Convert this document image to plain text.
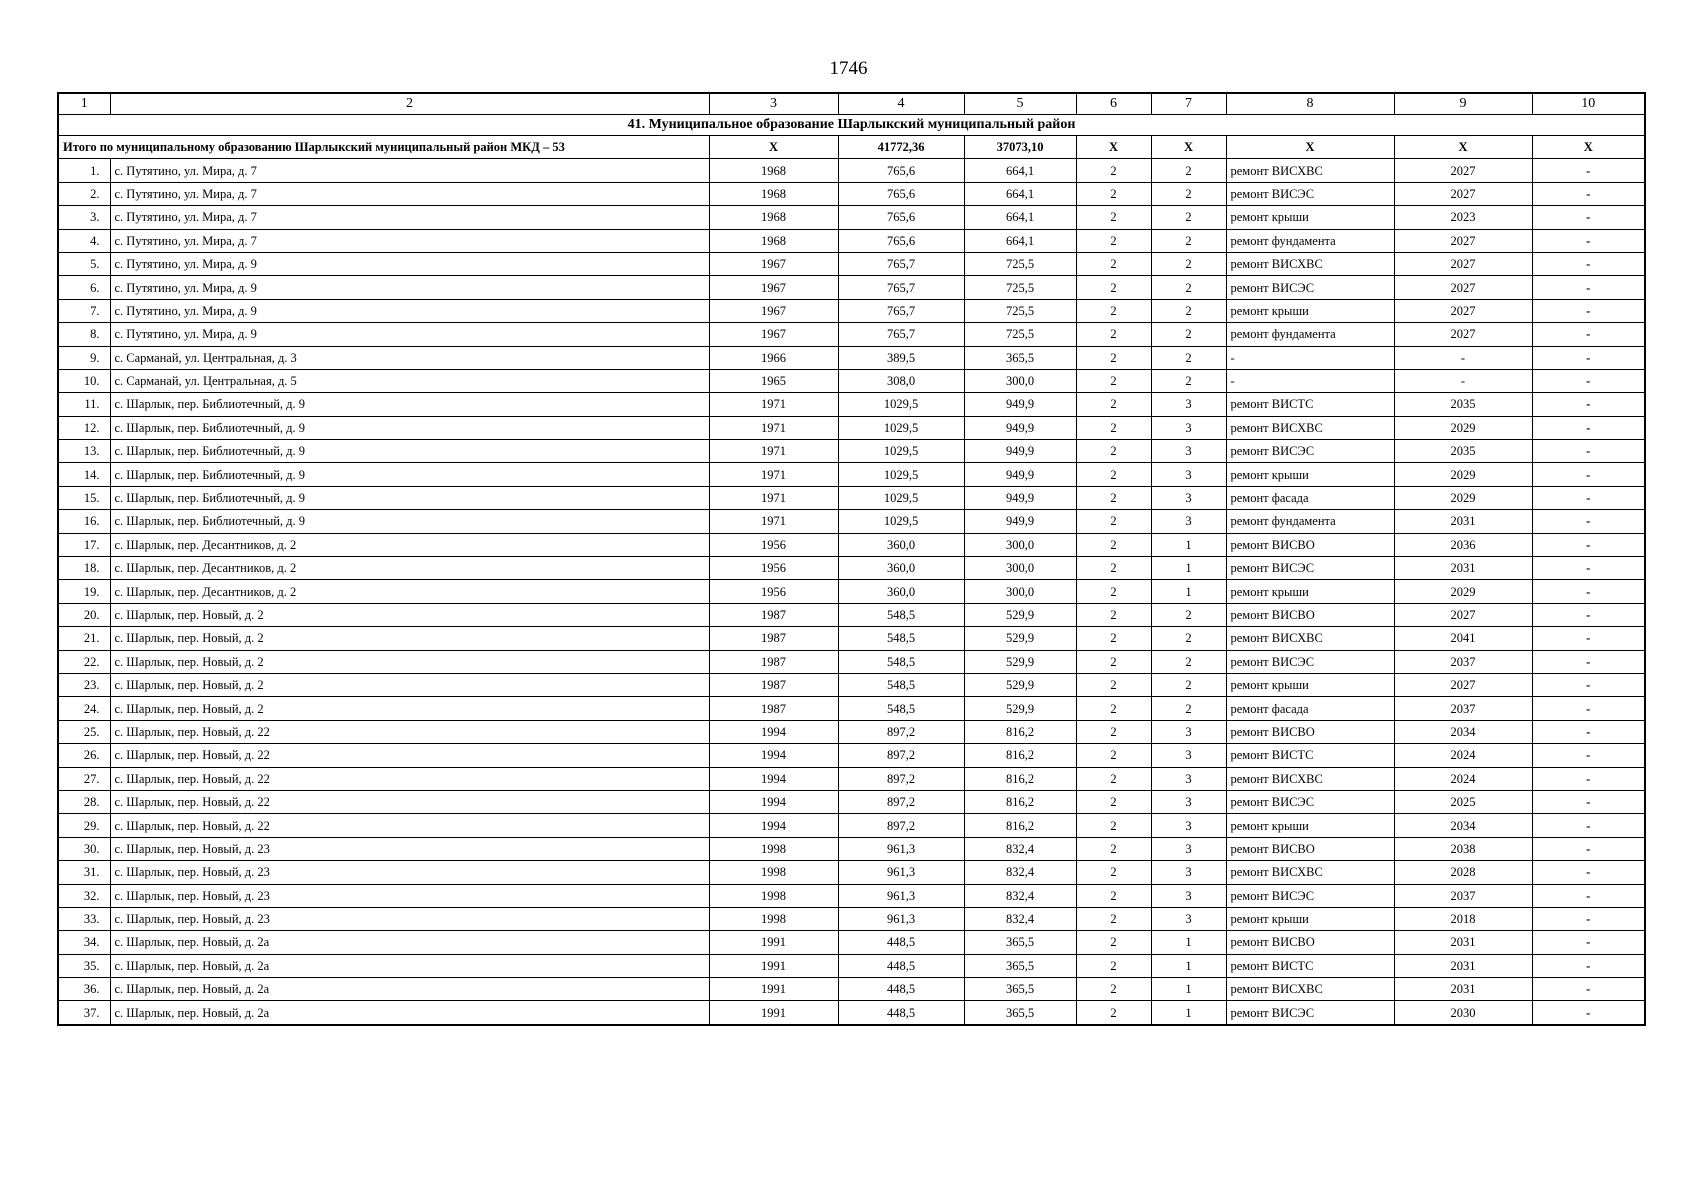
1746
1	2	3	4	5	6	7	8	9	10
41. Муниципальное образование Шарлыкский муниципальный район									
Итого по муниципальному образованию Шарлыкский муниципальный район МКД – 53		Х	41772,36	37073,10	Х	Х	Х	Х	Х
1.	с. Путятино, ул. Мира, д. 7	1968	765,6	664,1	2	2	ремонт ВИСХВС	2027	-
2.	с. Путятино, ул. Мира, д. 7	1968	765,6	664,1	2	2	ремонт ВИСЭС	2027	-
3.	с. Путятино, ул. Мира, д. 7	1968	765,6	664,1	2	2	ремонт крыши	2023	-
4.	с. Путятино, ул. Мира, д. 7	1968	765,6	664,1	2	2	ремонт фундамента	2027	-
5.	с. Путятино, ул. Мира, д. 9	1967	765,7	725,5	2	2	ремонт ВИСХВС	2027	-
6.	с. Путятино, ул. Мира, д. 9	1967	765,7	725,5	2	2	ремонт ВИСЭС	2027	-
7.	с. Путятино, ул. Мира, д. 9	1967	765,7	725,5	2	2	ремонт крыши	2027	-
8.	с. Путятино, ул. Мира, д. 9	1967	765,7	725,5	2	2	ремонт фундамента	2027	-
9.	с. Сарманай, ул. Центральная, д. 3	1966	389,5	365,5	2	2	-	-	-
10.	с. Сарманай, ул. Центральная, д. 5	1965	308,0	300,0	2	2	-	-	-
11.	с. Шарлык, пер. Библиотечный, д. 9	1971	1029,5	949,9	2	3	ремонт ВИСТС	2035	-
12.	с. Шарлык, пер. Библиотечный, д. 9	1971	1029,5	949,9	2	3	ремонт ВИСХВС	2029	-
13.	с. Шарлык, пер. Библиотечный, д. 9	1971	1029,5	949,9	2	3	ремонт ВИСЭС	2035	-
14.	с. Шарлык, пер. Библиотечный, д. 9	1971	1029,5	949,9	2	3	ремонт крыши	2029	-
15.	с. Шарлык, пер. Библиотечный, д. 9	1971	1029,5	949,9	2	3	ремонт фасада	2029	-
16.	с. Шарлык, пер. Библиотечный, д. 9	1971	1029,5	949,9	2	3	ремонт фундамента	2031	-
17.	с. Шарлык, пер. Десантников, д. 2	1956	360,0	300,0	2	1	ремонт ВИСВО	2036	-
18.	с. Шарлык, пер. Десантников, д. 2	1956	360,0	300,0	2	1	ремонт ВИСЭС	2031	-
19.	с. Шарлык, пер. Десантников, д. 2	1956	360,0	300,0	2	1	ремонт крыши	2029	-
20.	с. Шарлык, пер. Новый, д. 2	1987	548,5	529,9	2	2	ремонт ВИСВО	2027	-
21.	с. Шарлык, пер. Новый, д. 2	1987	548,5	529,9	2	2	ремонт ВИСХВС	2041	-
22.	с. Шарлык, пер. Новый, д. 2	1987	548,5	529,9	2	2	ремонт ВИСЭС	2037	-
23.	с. Шарлык, пер. Новый, д. 2	1987	548,5	529,9	2	2	ремонт крыши	2027	-
24.	с. Шарлык, пер. Новый, д. 2	1987	548,5	529,9	2	2	ремонт фасада	2037	-
25.	с. Шарлык, пер. Новый, д. 22	1994	897,2	816,2	2	3	ремонт ВИСВО	2034	-
26.	с. Шарлык, пер. Новый, д. 22	1994	897,2	816,2	2	3	ремонт ВИСТС	2024	-
27.	с. Шарлык, пер. Новый, д. 22	1994	897,2	816,2	2	3	ремонт ВИСХВС	2024	-
28.	с. Шарлык, пер. Новый, д. 22	1994	897,2	816,2	2	3	ремонт ВИСЭС	2025	-
29.	с. Шарлык, пер. Новый, д. 22	1994	897,2	816,2	2	3	ремонт крыши	2034	-
30.	с. Шарлык, пер. Новый, д. 23	1998	961,3	832,4	2	3	ремонт ВИСВО	2038	-
31.	с. Шарлык, пер. Новый, д. 23	1998	961,3	832,4	2	3	ремонт ВИСХВС	2028	-
32.	с. Шарлык, пер. Новый, д. 23	1998	961,3	832,4	2	3	ремонт ВИСЭС	2037	-
33.	с. Шарлык, пер. Новый, д. 23	1998	961,3	832,4	2	3	ремонт крыши	2018	-
34.	с. Шарлык, пер. Новый, д. 2а	1991	448,5	365,5	2	1	ремонт ВИСВО	2031	-
35.	с. Шарлык, пер. Новый, д. 2а	1991	448,5	365,5	2	1	ремонт ВИСТС	2031	-
36.	с. Шарлык, пер. Новый, д. 2а	1991	448,5	365,5	2	1	ремонт ВИСХВС	2031	-
37.	с. Шарлык, пер. Новый, д. 2а	1991	448,5	365,5	2	1	ремонт ВИСЭС	2030	-
